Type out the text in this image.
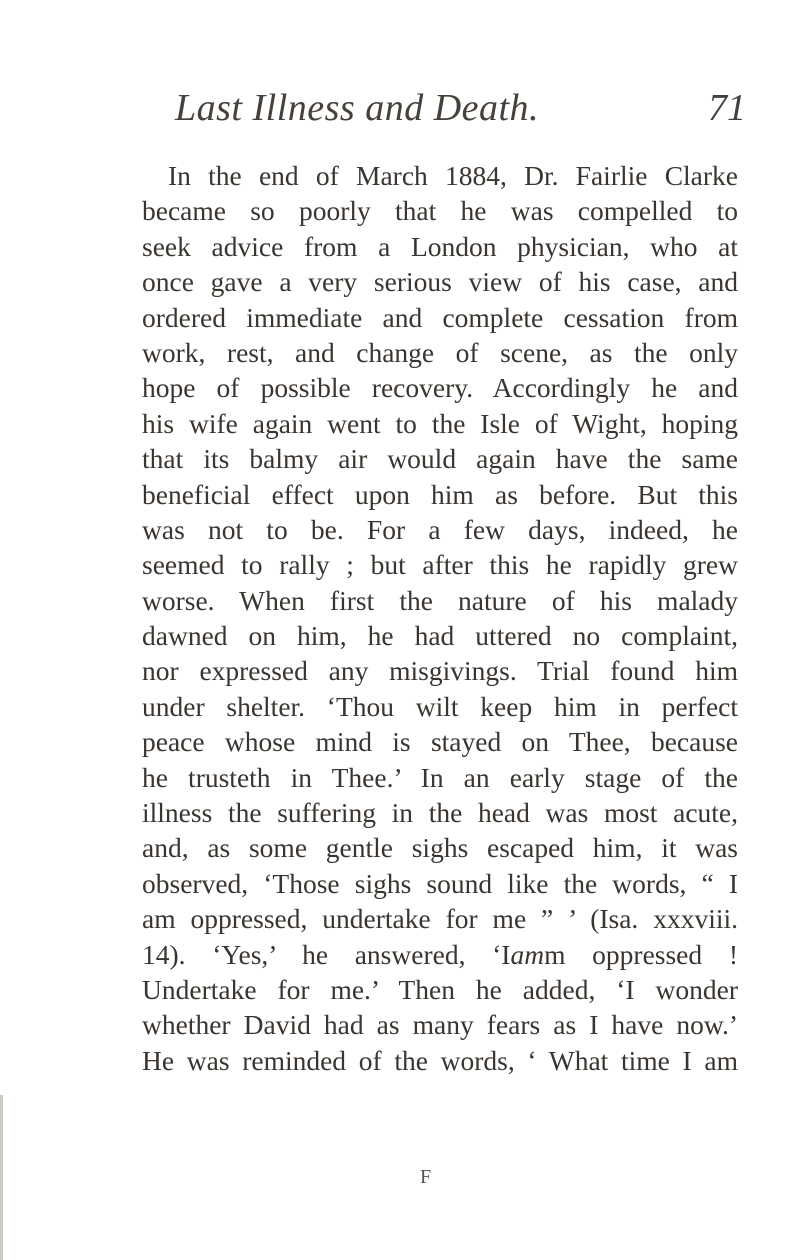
Last Illness and Death.	71
In the end of March 1884, Dr. Fairlie Clarke
became so poorly that he was compelled to
seek advice from a London physician, who at
once gave a very serious view of his case, and
ordered immediate and complete cessation from
work, rest, and change of scene, as the only
hope of possible recovery. Accordingly he and
his wife again went to the Isle of Wight, hoping
that its balmy air would again have the same
beneficial effect upon him as before. But this
was not to be. For a few days, indeed, he
seemed to rally ; but after this he rapidly grew
worse. When first the nature of his malady
dawned on him, he had uttered no complaint,
nor expressed any misgivings. Trial found him
under shelter. ‘Thou wilt keep him in perfect
peace whose mind is stayed on Thee, because
he trusteth in Thee.’ In an early stage of the
illness the suffering in the head was most acute,
and, as some gentle sighs escaped him, it was
observed, ‘Those sighs sound like the words, “ I
am oppressed, undertake for me ” ’ (Isa. xxxviii.
14). ‘Yes,’ he answered, ‘Iamm oppressed !
Undertake for me.’ Then he added, ‘I wonder
whether David had as many fears as I have now.’
He was reminded of the words, ‘ What time I am
F
